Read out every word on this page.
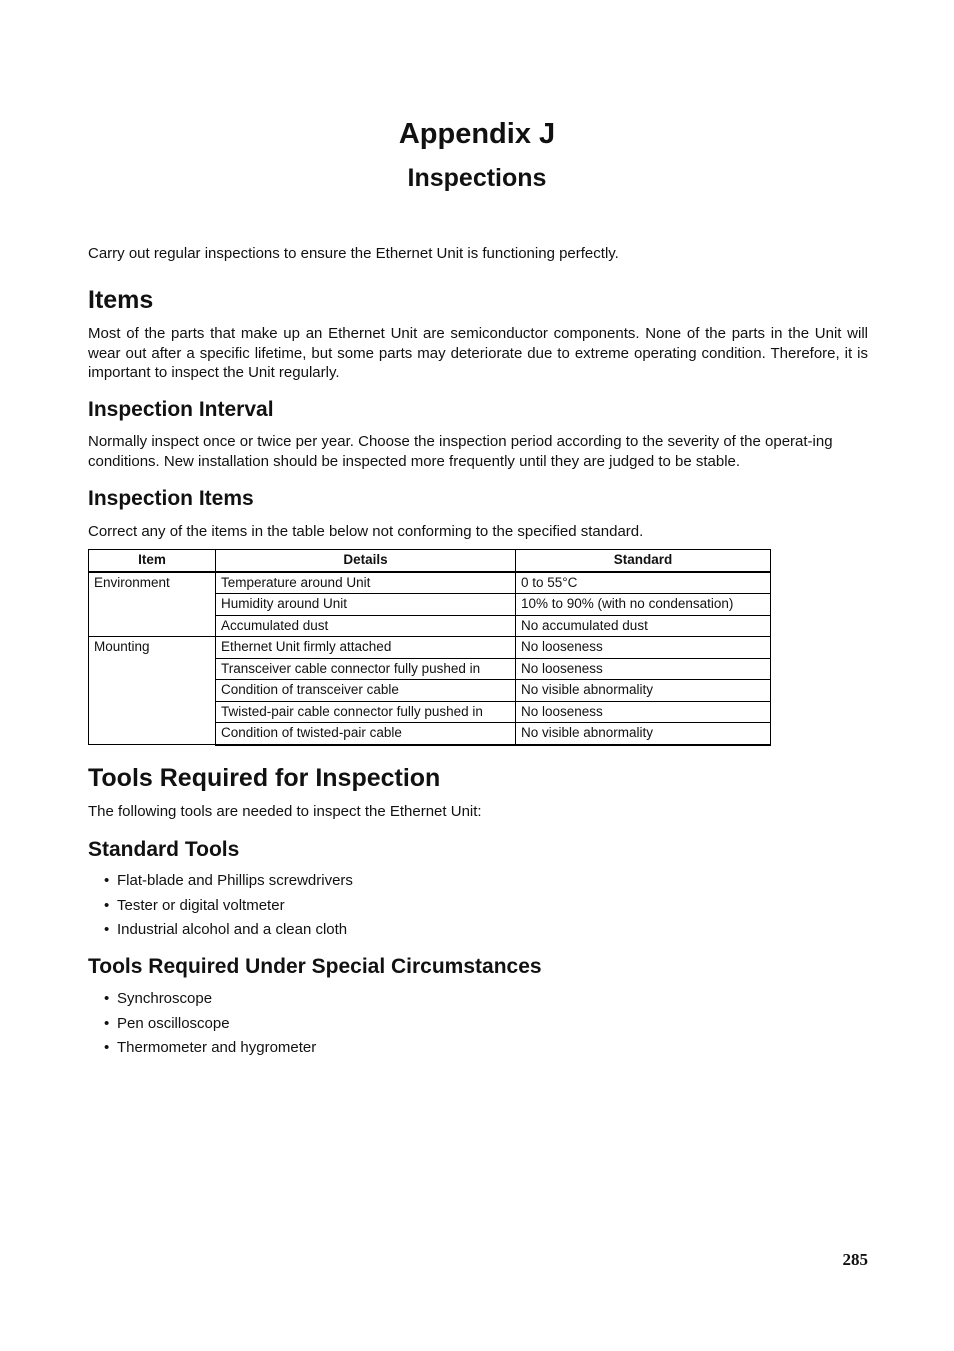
Appendix J
Inspections

Carry out regular inspections to ensure the Ethernet Unit is functioning perfectly.

Items

Most of the parts that make up an Ethernet Unit are semiconductor components. None of the parts in the Unit will wear out after a specific lifetime, but some parts may deteriorate due to extreme operating condition. Therefore, it is important to inspect the Unit regularly.

Inspection Interval

Normally inspect once or twice per year. Choose the inspection period according to the severity of the operat-ing conditions. New installation should be inspected more frequently until they are judged to be stable.

Inspection Items

Correct any of the items in the table below not conforming to the specified standard.

Item	Details	Standard
Environment	Temperature around Unit	0 to 55°C
	Humidity around Unit	10% to 90% (with no condensation)
	Accumulated dust	No accumulated dust
Mounting	Ethernet Unit firmly attached	No looseness
	Transceiver cable connector fully pushed in	No looseness
	Condition of transceiver cable	No visible abnormality
	Twisted-pair cable connector fully pushed in	No looseness
	Condition of twisted-pair cable	No visible abnormality
Tools Required for Inspection

The following tools are needed to inspect the Ethernet Unit:

Standard Tools
• Flat-blade and Phillips screwdrivers
• Tester or digital voltmeter
• Industrial alcohol and a clean cloth
Tools Required Under Special Circumstances
• Synchroscope
• Pen oscilloscope
• Thermometer and hygrometer
285
